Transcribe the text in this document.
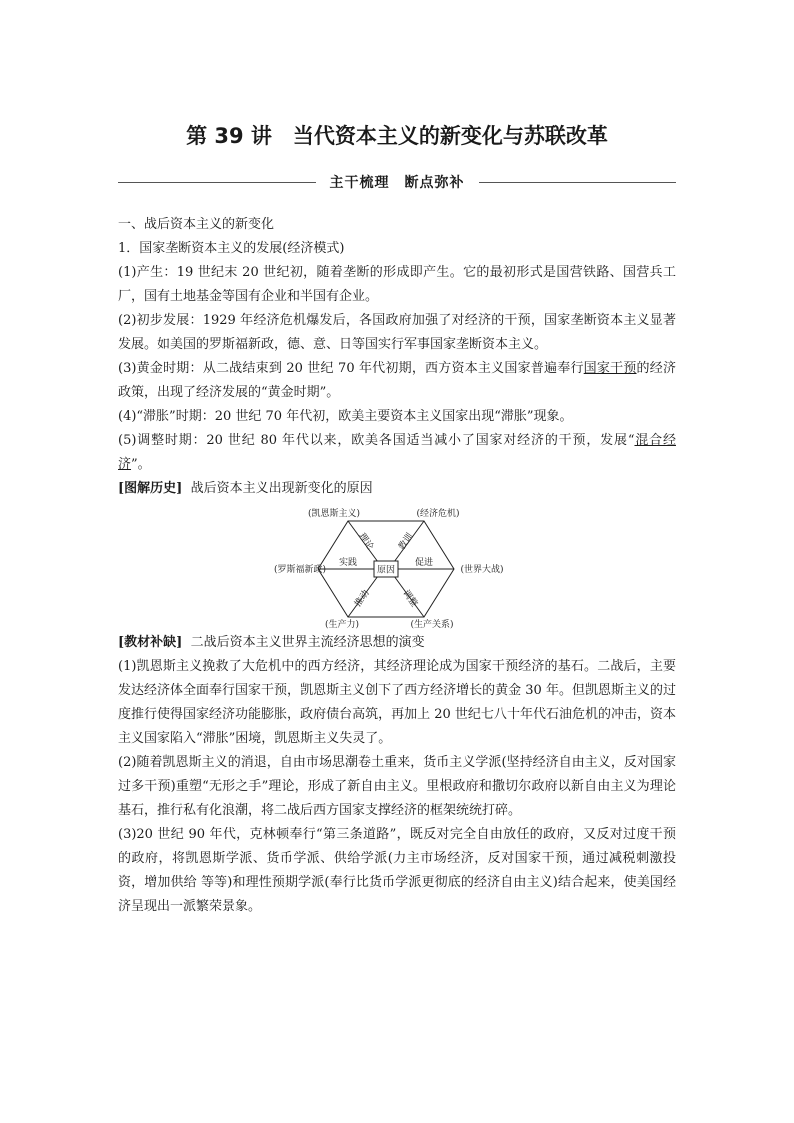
第 39 讲　当代资本主义的新变化与苏联改革
主干梳理　断点弥补

一、战后资本主义的新变化

1．国家垄断资本主义的发展(经济模式)

(1)产生：19 世纪末 20 世纪初，随着垄断的形成即产生。它的最初形式是国营铁路、国营兵工厂，国有土地基金等国有企业和半国有企业。

(2)初步发展：1929 年经济危机爆发后，各国政府加强了对经济的干预，国家垄断资本主义显著发展。如美国的罗斯福新政，德、意、日等国实行军事国家垄断资本主义。

(3)黄金时期：从二战结束到 20 世纪 70 年代初期，西方资本主义国家普遍奉行国家干预的经济政策，出现了经济发展的“黄金时期”。

(4)“滞胀”时期：20 世纪 70 年代初，欧美主要资本主义国家出现“滞胀”现象。

(5)调整时期：20 世纪 80 年代以来，欧美各国适当减小了国家对经济的干预，发展“混合经济”。

[图解历史] 战后资本主义出现新变化的原因

原因
(凯恩斯主义)	(经济危机)
(罗斯福新政)	(世界大战)
(生产力)	(生产关系)
实践	促进
理论 教训
推动	调整

[教材补缺] 二战后资本主义世界主流经济思想的演变

(1)凯恩斯主义挽救了大危机中的西方经济，其经济理论成为国家干预经济的基石。二战后，主要发达经济体全面奉行国家干预，凯恩斯主义创下了西方经济增长的黄金 30 年。但凯恩斯主义的过度推行使得国家经济功能膨胀，政府债台高筑，再加上 20 世纪七八十年代石油危机的冲击，资本主义国家陷入“滞胀”困境，凯恩斯主义失灵了。

(2)随着凯恩斯主义的消退，自由市场思潮卷土重来，货币主义学派(坚持经济自由主义，反对国家过多干预)重塑“无形之手”理论，形成了新自由主义。里根政府和撒切尔政府以新自由主义为理论基石，推行私有化浪潮，将二战后西方国家支撑经济的框架统统打碎。

(3)20 世纪 90 年代，克林顿奉行“第三条道路”，既反对完全自由放任的政府，又反对过度干预的政府，将凯恩斯学派、货币学派、供给学派(力主市场经济，反对国家干预，通过减税刺激投资，增加供给 等等)和理性预期学派(奉行比货币学派更彻底的经济自由主义)结合起来，使美国经济呈现出一派繁荣景象。
